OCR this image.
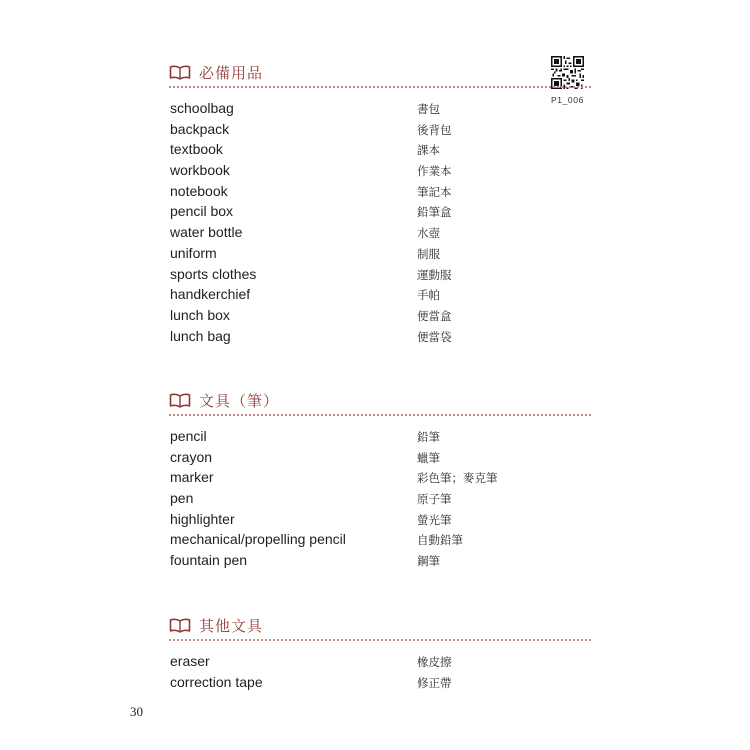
P1_006
必備用品
schoolbag	書包
backpack	後背包
textbook	課本
workbook	作業本
notebook	筆記本
pencil box	鉛筆盒
water bottle	水壺
uniform	制服
sports clothes	運動服
handkerchief	手帕
lunch box	便當盒
lunch bag	便當袋
文具（筆）
pencil	鉛筆
crayon	蠟筆
marker	彩色筆；麥克筆
pen	原子筆
highlighter	螢光筆
mechanical/propelling pencil	自動鉛筆
fountain pen	鋼筆
其他文具
eraser	橡皮擦
correction tape	修正帶
30
